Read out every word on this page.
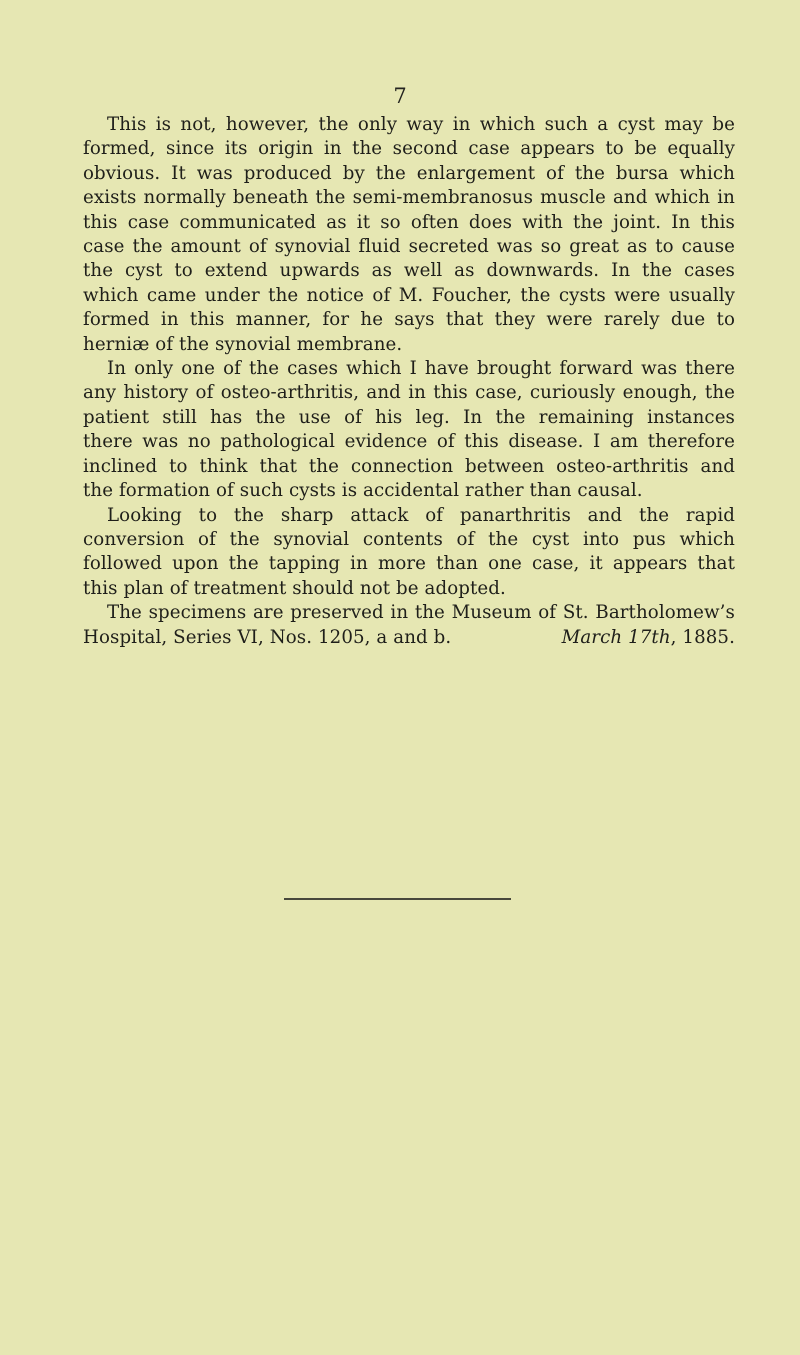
7
This is not, however, the only way in which such a cyst may be
formed, since its origin in the second case appears to be equally
obvious. It was produced by the enlargement of the bursa which
exists normally beneath the semi-membranosus muscle and which in
this case communicated as it so often does with the joint. In this
case the amount of synovial fluid secreted was so great as to cause
the cyst to extend upwards as well as downwards. In the cases
which came under the notice of M. Foucher, the cysts were usually
formed in this manner, for he says that they were rarely due to
herniæ of the synovial membrane.
In only one of the cases which I have brought forward was there
any history of osteo-arthritis, and in this case, curiously enough, the
patient still has the use of his leg. In the remaining instances
there was no pathological evidence of this disease. I am therefore
inclined to think that the connection between osteo-arthritis and
the formation of such cysts is accidental rather than causal.
Looking to the sharp attack of panarthritis and the rapid
conversion of the synovial contents of the cyst into pus which
followed upon the tapping in more than one case, it appears that
this plan of treatment should not be adopted.
The specimens are preserved in the Museum of St. Bartholomew’s
Hospital, Series VI, Nos. 1205, a and b.	March 17th, 1885.
